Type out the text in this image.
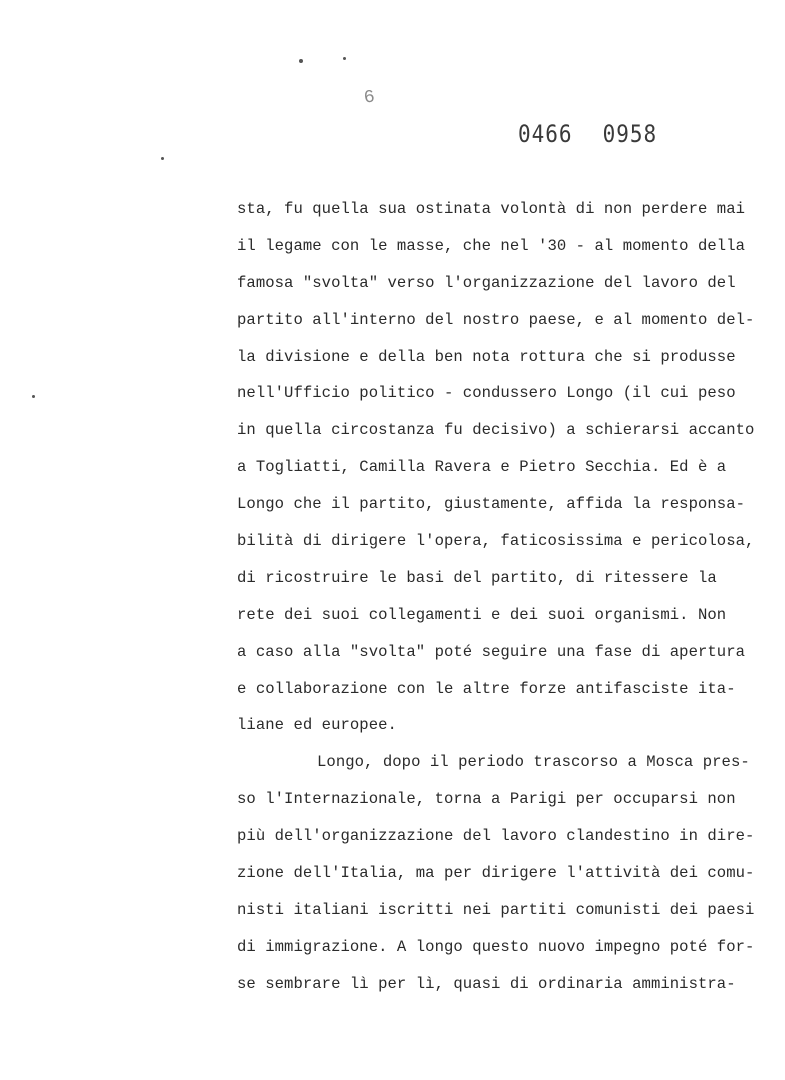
6
0466 0958
sta, fu quella sua ostinata volontà di non perdere mai
il legame con le masse, che nel '30 - al momento della
famosa "svolta" verso l'organizzazione del lavoro del
partito all'interno del nostro paese, e al momento del-
la divisione e della ben nota rottura che si produsse
nell'Ufficio politico - condussero Longo (il cui peso
in quella circostanza fu decisivo) a schierarsi accanto
a Togliatti, Camilla Ravera e Pietro Secchia. Ed è a
Longo che il partito, giustamente, affida la responsa-
bilità di dirigere l'opera, faticosissima e pericolosa,
di ricostruire le basi del partito, di ritessere la
rete dei suoi collegamenti e dei suoi organismi. Non
a caso alla "svolta" poté seguire una fase di apertura
e collaborazione con le altre forze antifasciste ita-
liane ed europee.
Longo, dopo il periodo trascorso a Mosca pres-
so l'Internazionale, torna a Parigi per occuparsi non
più dell'organizzazione del lavoro clandestino in dire-
zione dell'Italia, ma per dirigere l'attività dei comu-
nisti italiani iscritti nei partiti comunisti dei paesi
di immigrazione. A longo questo nuovo impegno poté for-
se sembrare lì per lì, quasi di ordinaria amministra-
